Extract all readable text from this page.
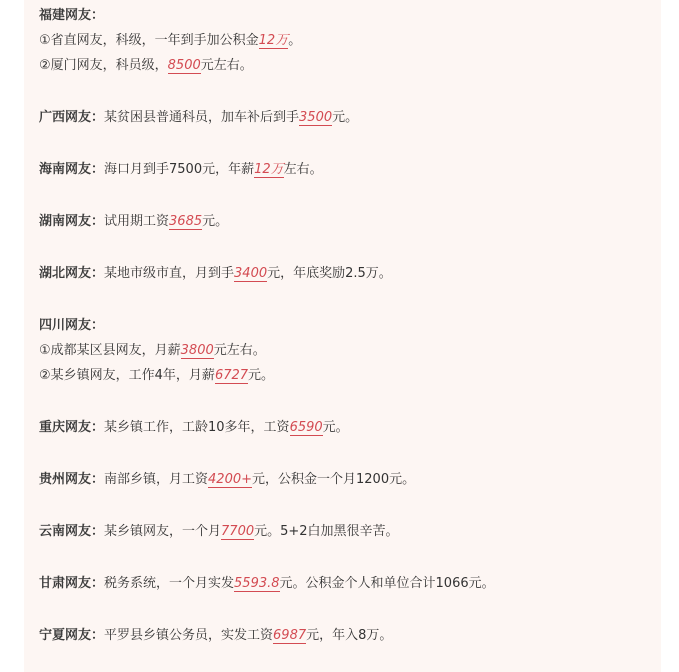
福建网友：
①省直网友，科级，一年到手加公积金12万。
②厦门网友，科员级，8500元左右。
广西网友：某贫困县普通科员，加车补后到手3500元。
海南网友：海口月到手7500元，年薪12万左右。
湖南网友：试用期工资3685元。
湖北网友：某地市级市直，月到手3400元，年底奖励2.5万。
四川网友：
①成都某区县网友，月薪3800元左右。
②某乡镇网友，工作4年，月薪6727元。
重庆网友：某乡镇工作，工龄10多年，工资6590元。
贵州网友：南部乡镇，月工资4200+元，公积金一个月1200元。
云南网友：某乡镇网友，一个月7700元。5+2白加黑很辛苦。
甘肃网友：税务系统，一个月实发5593.8元。公积金个人和单位合计1066元。
宁夏网友：平罗县乡镇公务员，实发工资6987元，年入8万。
